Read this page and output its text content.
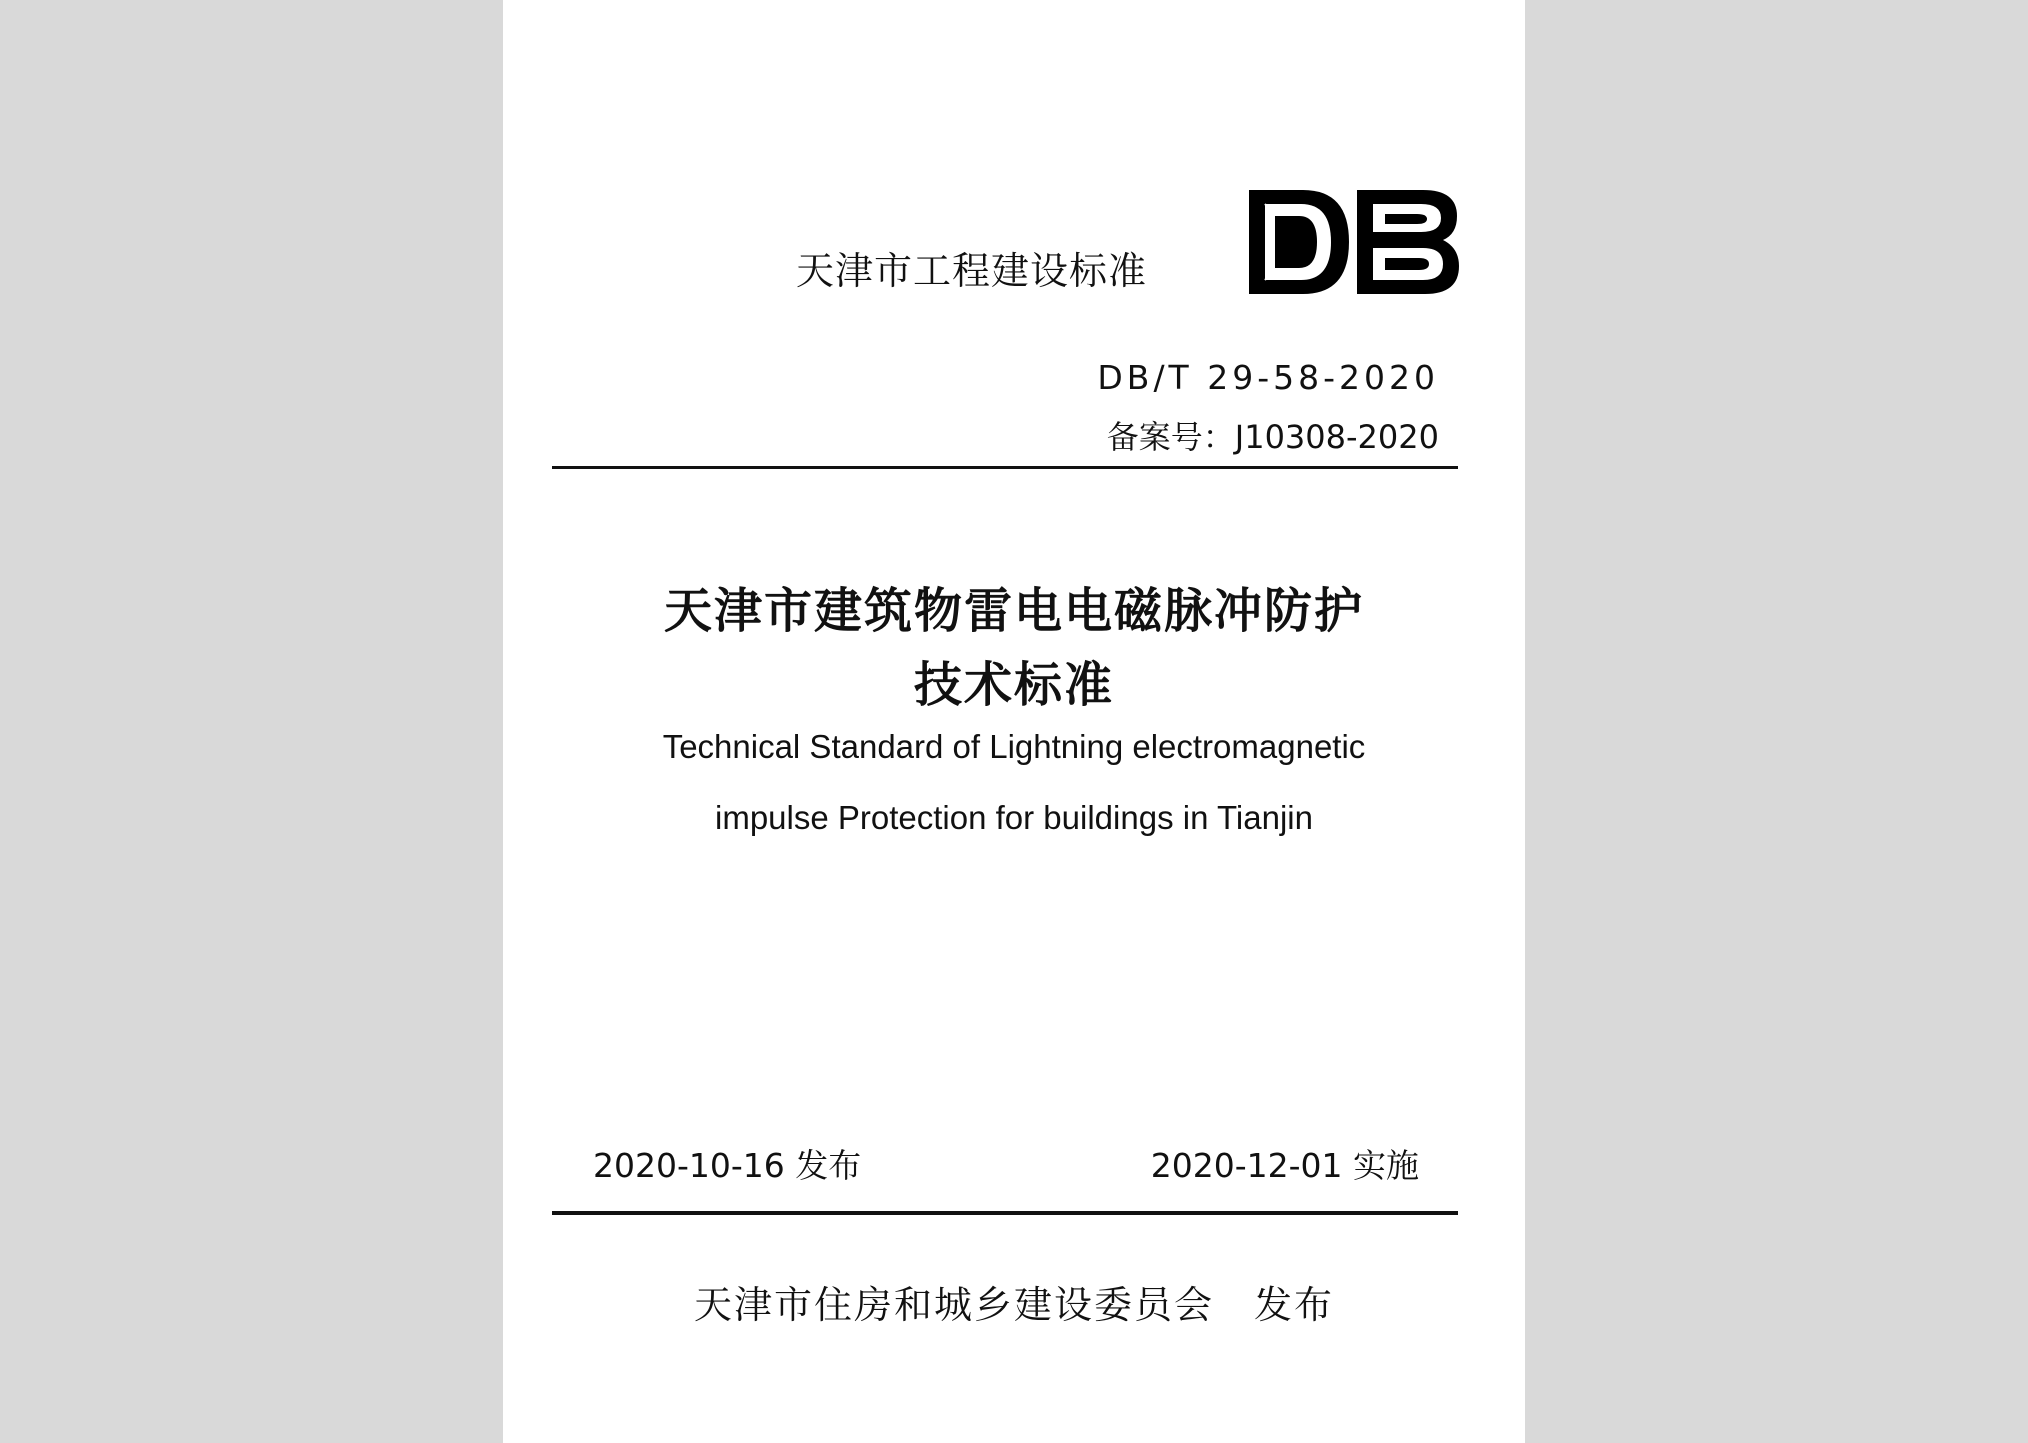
天津市工程建设标准
DB/T 29-58-2020
备案号：J10308-2020
天津市建筑物雷电电磁脉冲防护
技术标准
Technical Standard of Lightning electromagnetic
impulse Protection for buildings in Tianjin
2020-10-16 发布	2020-12-01 实施
天津市住房和城乡建设委员会 发布
